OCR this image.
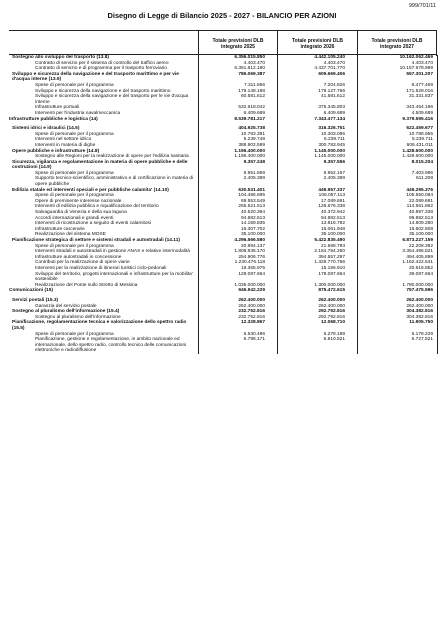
999/701/11
Disegno di Legge di Bilancio 2025 - 2027 - BILANCIO PER AZIONI
Totale previsioni DLB
integrato 2025
Totale previsioni DLB
integrato 2026
Totale previsioni DLB
integrato 2027
Sostegno allo sviluppo del trasporto (13.8)	6.356.015.850	4.442.105.240	10.162.062.469
Contratto di servizio per il sistema di controllo del traffico aereo	4.403.470	4.403.470	4.403.470
Contratto di servizio e di programma per il trasporto ferroviario	6.351.612.180	4.437.701.770	10.157.678.999
Sviluppo e sicurezza della navigazione e del trasporto marittimo e per vie d'acqua interne (13.9)
786.069.387	609.669.406	557.301.207
Spese di personale per il programma	7.311.856	7.204.826	6.477.469
Sviluppo e sicurezza della navigazione e del trasporto marittimo	179.148.188	179.127.766	171.528.016
Sviluppo e sicurezza della navigazione e del trasporto per le vie d'acqua interne
60.581.612	41.581.612	31.331.837
Infrastrutture portuali	532.618.042	375.345.803	343.454.196
Interventi per l'industria navalmeccanica	6.409.689	6.409.689	4.509.689
Infrastrutture pubbliche e logistica (14)	8.539.781.217	7.343.477.134	9.379.595.416
Sistemi idrici e idraulici (14.5)	404.925.738	316.326.751	622.459.677
Spese di personale per il programma	10.783.391	10.303.095	10.788.955
Interventi nel settore idrico	5.239.748	5.239.711	5.239.711
Interventi in materia di dighe	388.902.599	300.783.945	606.431.011
Opere pubbliche e infrastrutture (14.8)	1.196.400.000	1.145.000.000	1.428.600.000
Sostegno alle Regioni per la realizzazione di opere per l'edilizia sanitaria	1.196.400.000	1.145.000.000	1.428.600.000
Sicurezza, vigilanza e regolamentazione in materia di opere pubbliche e delle costruzioni (14.9)
9.357.248	9.357.556	8.015.204
Spese di personale per il programma	6.951.859	6.952.167	7.403.996
Supporto tecnico-scientifico, amministrativo e di certificazione in materia di opere pubbliche
2.405.389	2.405.389	611.208
Edilizia statale ed interventi speciali e per pubbliche calamita' (14.10)	630.531.401	449.957.337	449.295.376
Spese di personale per il programma	104.486.895	106.057.113	105.550.084
Opere di preminente interesse nazionale	69.553.549	17.089.691	22.089.691
Interventi di edilizia pubblica e riqualificazione del territorio	255.521.513	126.676.338	114.561.862
Salvaguardia di Venezia e della sua laguna	40.520.394	40.372.942	40.897.338
Accordi internazionali e grandi eventi	94.882.513	94.882.513	99.882.513
Interventi di ricostruzione a seguito di eventi calamitosi	14.159.835	13.816.792	14.809.280
Infrastrutture carcerarie	16.307.702	16.061.948	16.602.608
Realizzazione del sistema MOSE	35.100.000	35.100.000	35.100.000
Pianificazione strategica di settore e sistemi stradali e autostradali (14.11)	4.296.566.580	5.422.835.490	6.873.227.159
Spese di personale per il programma	20.894.137	21.568.793	22.208.392
Interventi stradali e autostradali in gestione ANAS e relative intermodalità	1.808.836.170	2.184.794.260	3.354.486.821
Infrastrutture autostradali in concessione	254.906.776	394.557.297	494.405.899
Contributi per la realizzazione di opere viarie	1.230.476.118	1.328.770.766	1.162.422.541
Interventi per la realizzazione di itinerari turistici ciclo-pedonali	19.365.975	15.156.910	20.616.852
Sviluppo del territorio, progetti internazionali e infrastrutture per la mobilita' sostenibile
129.087.664	178.087.664	39.087.664
Realizzazione del Ponte sullo Stretto di Messina	1.035.000.000	1.300.000.000	1.780.000.000
Comunicazioni (15)	946.942.229	875.472.615	757.475.596
Servizi postali (15.3)	262.400.000	262.400.000	262.400.000
Garanzia del servizio postale	262.400.000	262.400.000	262.400.000
Sostegno al pluralismo dell'informazione (15.4)	232.752.816	292.792.816	304.382.816
Sostegno al pluralismo dell'informazione	232.752.816	292.792.816	304.382.816
Pianificazione, regolamentazione tecnica e valorizzazione dello spettro radio (15.5)
12.328.867	12.068.710	11.905.750
Spese di personale per il programma	6.530.496	6.278.189	6.178.229
Pianificazione, gestione e regolamentazione, in ambito nazionale ed internazionale, dello spettro radio, controllo tecnico delle comunicazioni elettroniche e radiodiffusione
5.798.171	5.810.521	5.727.521
